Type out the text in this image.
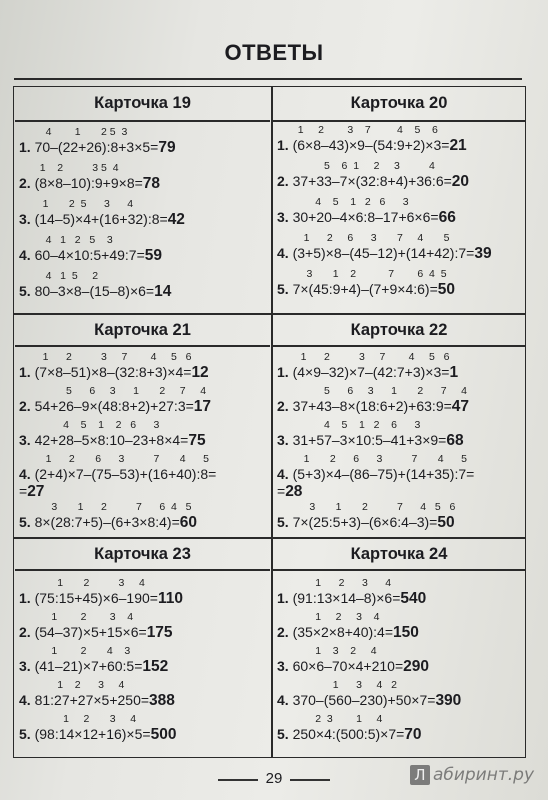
ОТВЕТЫ
Карточка 19
4        1       2 5  3
1. 70–(22+26):8+3×5=79
1    2          3 5  4
2. (8×8–10):9+9×8=78
1       2  5      3      4
3. (14–5)×4+(16+32):8=42
4   1   2   5    3
4. 60–4×10:5+49:7=59
4   1  5     2
5. 80–3×8–(15–8)×6=14
Карточка 20
1     2        3    7         4    5    6
1. (6×8–43)×9–(54:9+2)×3=21
5    6  1     2     3          4
2. 37+33–7×(32:8+4)+36:6=20
4    5    1   2   6      3
3. 30+20–4×6:8–17+6×6=66
1      2     6      3       7     4       5
4. (3+5)×8–(45–12)+(14+42):7=39
3       1    2           7        6  4  5
5. 7×(45:9+4)–(7+9×4:6)=50
Карточка 21
1      2          3     7        4     5   6
1. (7×8–51)×8–(32:8+3)×4=12
5      6     3      1       2     7     4
2. 54+26–9×(48:8+2)+27:3=17
4    5    1    2   6      3
3. 42+28–5×8:10–23+8×4=75
1      2       6      3          7       4      5
4. (2+4)×7–(75–53)+(16+40):8=
=27
3       1      2          7      6  4   5
5. 8×(28:7+5)–(6+3×8:4)=60
Карточка 22
1      2          3     7        4     5   6
1. (4×9–32)×7–(42:7+3)×3=1
5      6     3      1       2      7     4
2. 37+43–8×(18:6+2)+63:9=47
4    5    1   2    6      3
3. 31+57–3×10:5–41+3×9=68
1       2      6      3          7       4      5
4. (5+3)×4–(86–75)+(14+35):7=
=28
3       1       2          7      4   5   6
5. 7×(25:5+3)–(6×6:4–3)=50
Карточка 23
1       2          3     4
1. (75:15+45)×6–190=110
1        2        3    4
2. (54–37)×5+15×6=175
1        2       4    3
3. (41–21)×7+60:5=152
1    2      3     4
4. 81:27+27×5+250=388
1     2       3     4
5. (98:14×12+16)×5=500
Карточка 24
1      2      3      4
1. (91:13×14–8)×6=540
1     2     3    4
2. (35×2×8+40):4=150
1    3    2     4
3. 60×6–70×4+210=290
1      3     4   2
4. 370–(560–230)+50×7=390
2  3        1     4
5. 250×4:(500:5)×7=70
29	Л абиринт.ру
